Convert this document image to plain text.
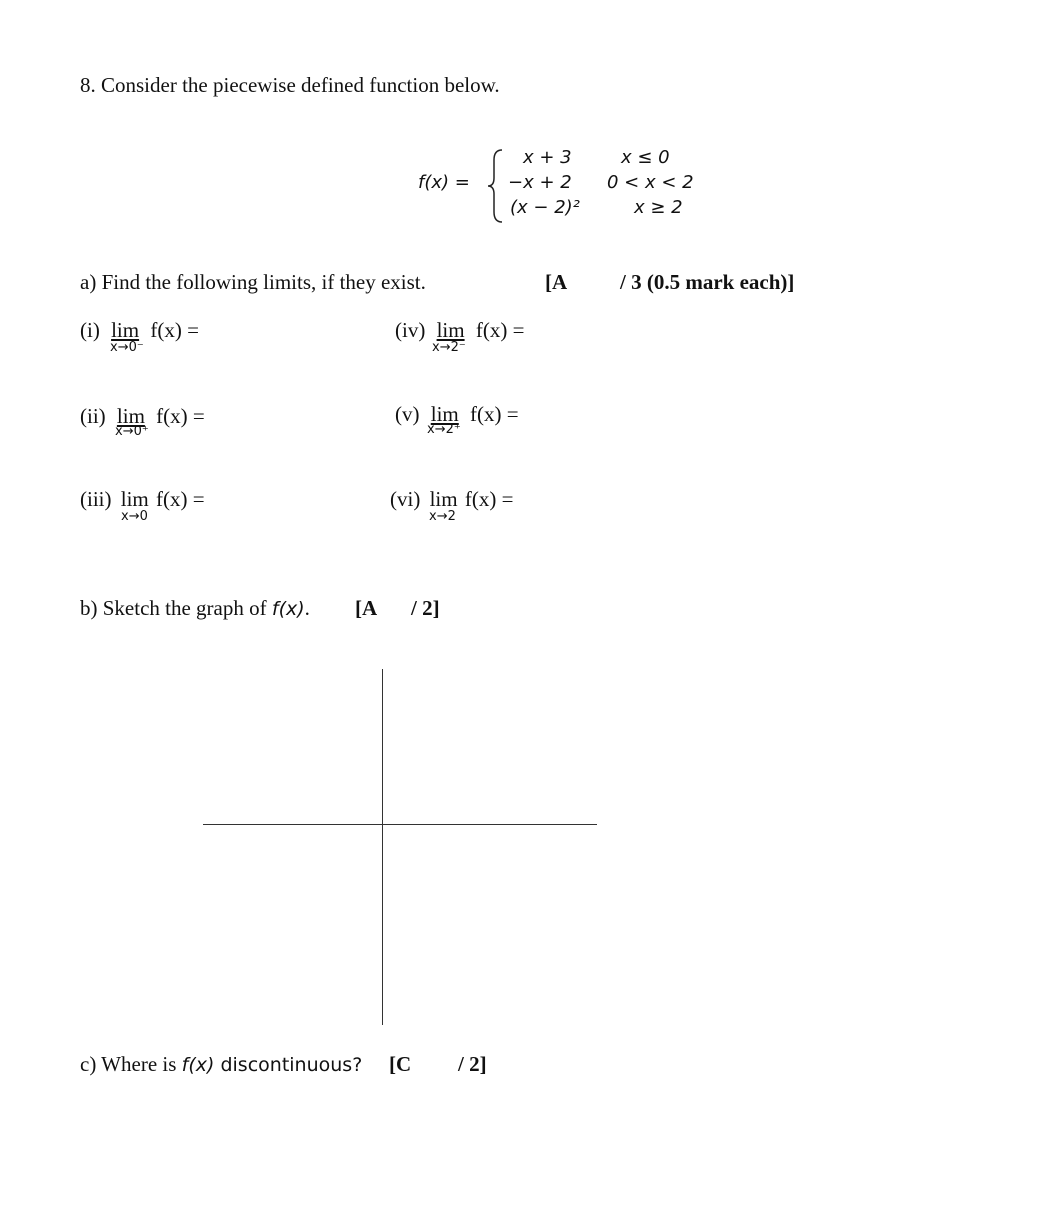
8. Consider the piecewise defined function below.
f(x) =
x + 3
−x + 2
(x − 2)²
x ≤ 0
0 < x < 2
x ≥ 2
a) Find the following limits, if they exist.	[A	/ 3 (0.5 mark each)]
(i) lim f(x) =
x→0⁻
(ii) lim f(x) =
x→0⁺
(iii) lim f(x) =
x→0
(iv) lim f(x) =
x→2⁻
(v) lim f(x) =
x→2⁺
(vi) lim f(x) =
x→2
b) Sketch the graph of f(x). [A / 2]
c) Where is f(x) discontinuous? [C / 2]
